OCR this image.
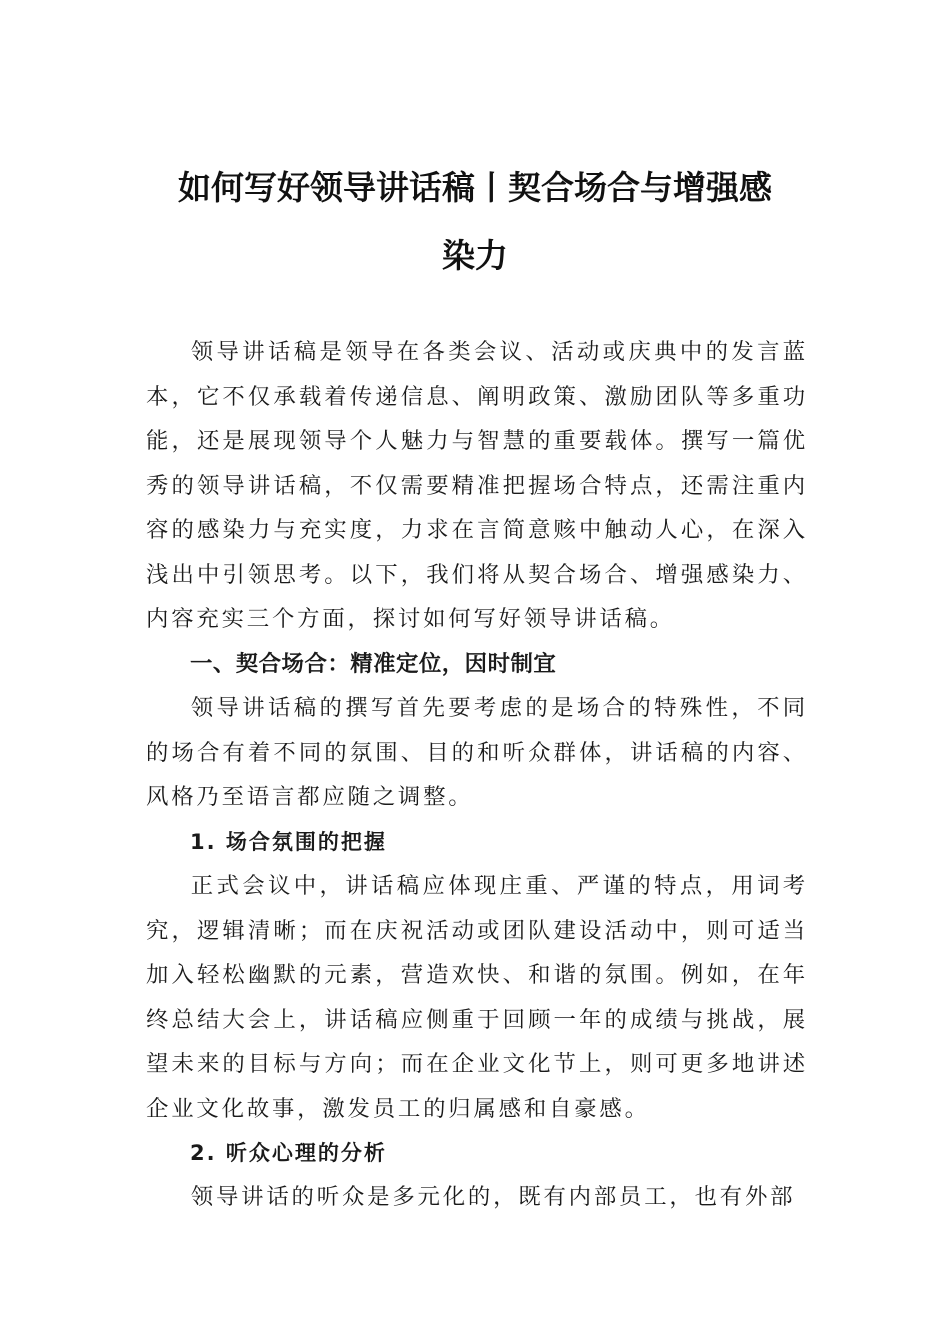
如何写好领导讲话稿丨契合场合与增强感
染力

领导讲话稿是领导在各类会议、活动或庆典中的发言蓝本，它不仅承载着传递信息、阐明政策、激励团队等多重功能，还是展现领导个人魅力与智慧的重要载体。撰写一篇优秀的领导讲话稿，不仅需要精准把握场合特点，还需注重内容的感染力与充实度，力求在言简意赅中触动人心，在深入浅出中引领思考。以下，我们将从契合场合、增强感染力、内容充实三个方面，探讨如何写好领导讲话稿。

一、契合场合：精准定位，因时制宜

领导讲话稿的撰写首先要考虑的是场合的特殊性，不同的场合有着不同的氛围、目的和听众群体，讲话稿的内容、风格乃至语言都应随之调整。

1. 场合氛围的把握

正式会议中，讲话稿应体现庄重、严谨的特点，用词考究，逻辑清晰；而在庆祝活动或团队建设活动中，则可适当加入轻松幽默的元素，营造欢快、和谐的氛围。例如，在年终总结大会上，讲话稿应侧重于回顾一年的成绩与挑战，展望未来的目标与方向；而在企业文化节上，则可更多地讲述企业文化故事，激发员工的归属感和自豪感。

2. 听众心理的分析

领导讲话的听众是多元化的，既有内部员工，也有外部
